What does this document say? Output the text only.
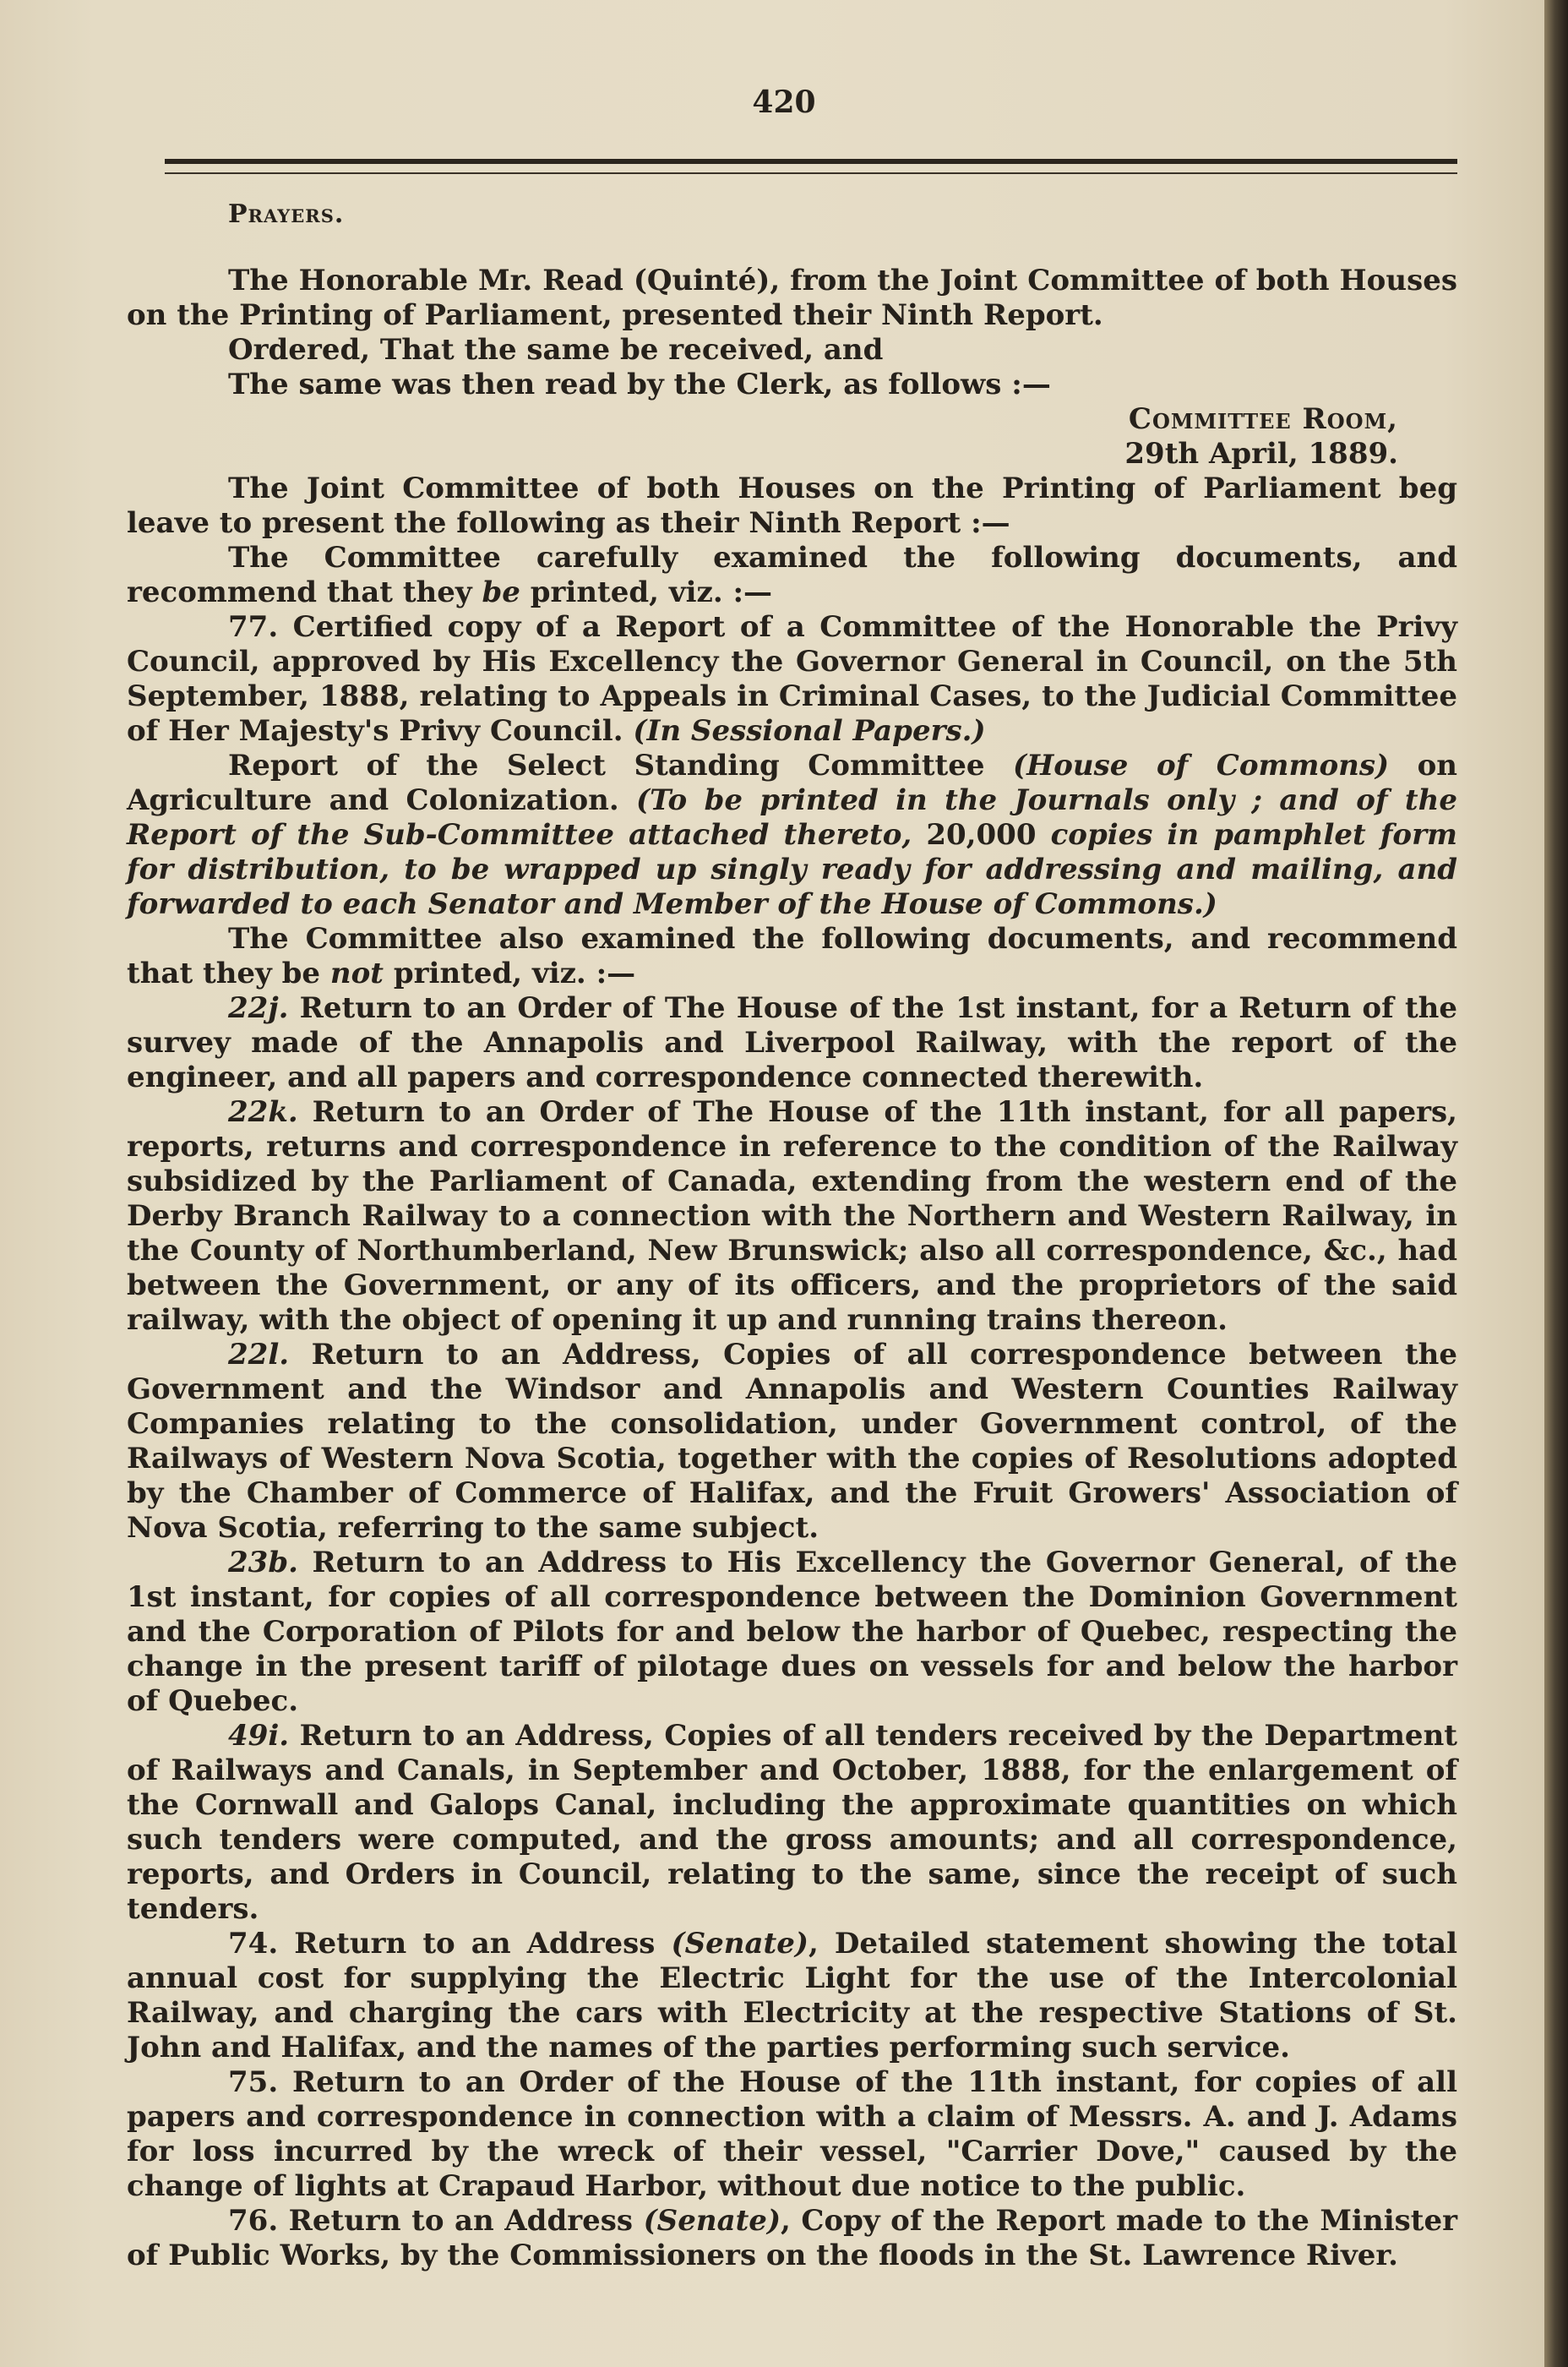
420
Prayers.

The Honorable Mr. Read (Quinté), from the Joint Committee of both Houses on the Printing of Parliament, presented their Ninth Report.

Ordered, That the same be received, and

The same was then read by the Clerk, as follows :—

Committee Room,
29th April, 1889.

The Joint Committee of both Houses on the Printing of Parliament beg leave to present the following as their Ninth Report :—

The Committee carefully examined the following documents, and recommend that they be printed, viz. :—

77. Certified copy of a Report of a Committee of the Honorable the Privy Council, approved by His Excellency the Governor General in Council, on the 5th September, 1888, relating to Appeals in Criminal Cases, to the Judicial Committee of Her Majesty's Privy Council. (In Sessional Papers.)

Report of the Select Standing Committee (House of Commons) on Agriculture and Colonization. (To be printed in the Journals only ; and of the Report of the Sub-Committee attached thereto, 20,000 copies in pamphlet form for distribution, to be wrapped up singly ready for addressing and mailing, and forwarded to each Senator and Member of the House of Commons.)

The Committee also examined the following documents, and recommend that they be not printed, viz. :—

22j. Return to an Order of The House of the 1st instant, for a Return of the survey made of the Annapolis and Liverpool Railway, with the report of the engineer, and all papers and correspondence connected therewith.

22k. Return to an Order of The House of the 11th instant, for all papers, reports, returns and correspondence in reference to the condition of the Railway subsidized by the Parliament of Canada, extending from the western end of the Derby Branch Railway to a connection with the Northern and Western Railway, in the County of Northumberland, New Brunswick; also all correspondence, &c., had between the Government, or any of its officers, and the proprietors of the said railway, with the object of opening it up and running trains thereon.

22l. Return to an Address, Copies of all correspondence between the Government and the Windsor and Annapolis and Western Counties Railway Companies relating to the consolidation, under Government control, of the Railways of Western Nova Scotia, together with the copies of Resolutions adopted by the Chamber of Commerce of Halifax, and the Fruit Growers' Association of Nova Scotia, referring to the same subject.

23b. Return to an Address to His Excellency the Governor General, of the 1st instant, for copies of all correspondence between the Dominion Government and the Corporation of Pilots for and below the harbor of Quebec, respecting the change in the present tariff of pilotage dues on vessels for and below the harbor of Quebec.

49i. Return to an Address, Copies of all tenders received by the Department of Railways and Canals, in September and October, 1888, for the enlargement of the Cornwall and Galops Canal, including the approximate quantities on which such tenders were computed, and the gross amounts; and all correspondence, reports, and Orders in Council, relating to the same, since the receipt of such tenders.

74. Return to an Address (Senate), Detailed statement showing the total annual cost for supplying the Electric Light for the use of the Intercolonial Railway, and charging the cars with Electricity at the respective Stations of St. John and Halifax, and the names of the parties performing such service.

75. Return to an Order of the House of the 11th instant, for copies of all papers and correspondence in connection with a claim of Messrs. A. and J. Adams for loss incurred by the wreck of their vessel, "Carrier Dove," caused by the change of lights at Crapaud Harbor, without due notice to the public.

76. Return to an Address (Senate), Copy of the Report made to the Minister of Public Works, by the Commissioners on the floods in the St. Lawrence River.
